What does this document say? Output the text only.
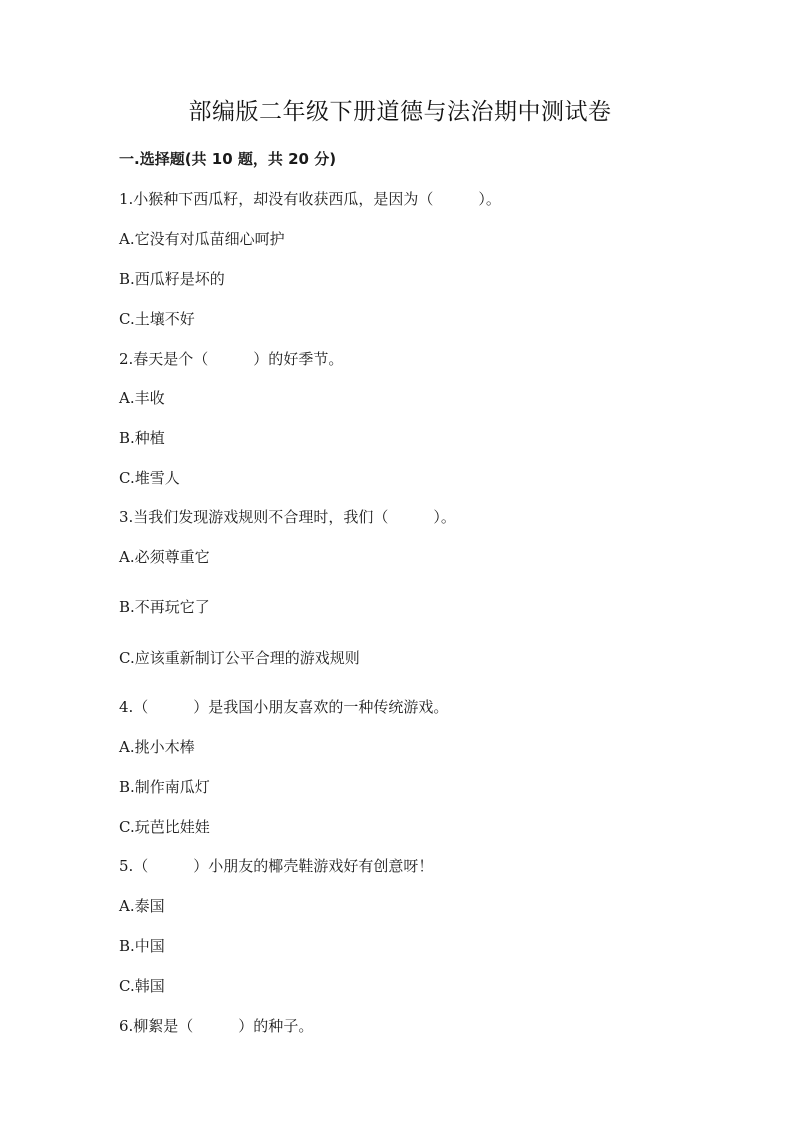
部编版二年级下册道德与法治期中测试卷
一.选择题(共 10 题，共 20 分)
1.小猴种下西瓜籽，却没有收获西瓜，是因为（　　　）。
A.它没有对瓜苗细心呵护
B.西瓜籽是坏的
C.土壤不好
2.春天是个（　　　）的好季节。
A.丰收
B.种植
C.堆雪人
3.当我们发现游戏规则不合理时，我们（　　　）。
A.必须尊重它
B.不再玩它了
C.应该重新制订公平合理的游戏规则
4.（　　　）是我国小朋友喜欢的一种传统游戏。
A.挑小木棒
B.制作南瓜灯
C.玩芭比娃娃
5.（　　　）小朋友的椰壳鞋游戏好有创意呀！
A.泰国
B.中国
C.韩国
6.柳絮是（　　　）的种子。
